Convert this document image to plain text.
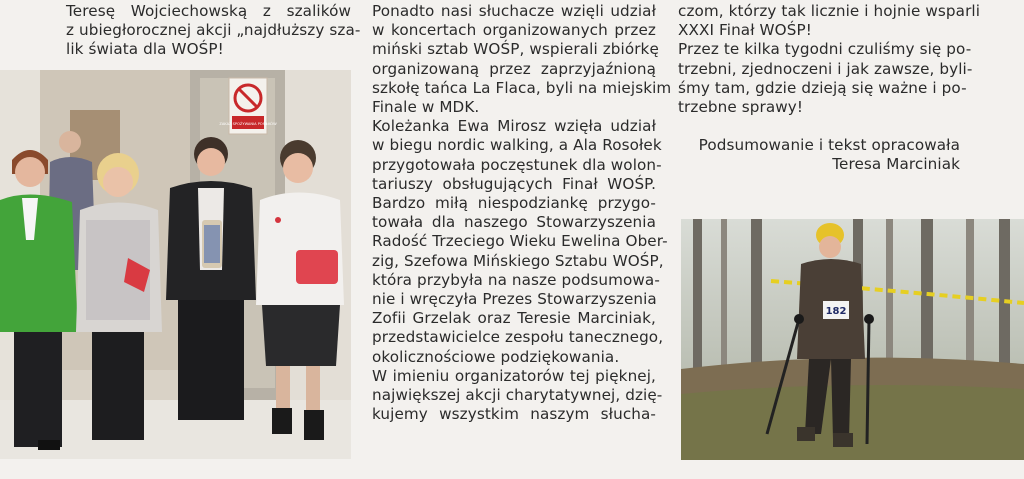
Teresę Wojciechowską z szalików
z ubiegłorocznej akcji „najdłuższy sza-
lik świata dla WOŚP!
ZAKAZ SPOŻYWANIA POSIŁKÓW
Ponadto nasi słuchacze wzięli udział
w koncertach organizowanych przez
miński sztab WOŚP, wspierali zbiórkę
organizowaną przez zaprzyjaźnioną
szkołę tańca La Flaca, byli na miejskim
Finale w MDK.
Koleżanka Ewa Mirosz wzięła udział
w biegu nordic walking, a Ala Rosołek
przygotowała poczęstunek dla wolon-
tariuszy obsługujących Finał WOŚP.
Bardzo miłą niespodziankę przygo-
towała dla naszego Stowarzyszenia
Radość Trzeciego Wieku Ewelina Ober-
zig, Szefowa Mińskiego Sztabu WOŚP,
która przybyła na nasze podsumowa-
nie i wręczyła Prezes Stowarzyszenia
Zofii Grzelak oraz Teresie Marciniak,
przedstawicielce zespołu tanecznego,
okolicznościowe podziękowania.
W imieniu organizatorów tej pięknej,
największej akcji charytatywnej, dzię-
kujemy wszystkim naszym słucha-
czom, którzy tak licznie i hojnie wsparli
XXXI Finał WOŚP!
Przez te kilka tygodni czuliśmy się po-
trzebni, zjednoczeni i jak zawsze, byli-
śmy tam, gdzie dzieją się ważne i po-
trzebne sprawy!
Podsumowanie i tekst opracowała
Teresa Marciniak
182
